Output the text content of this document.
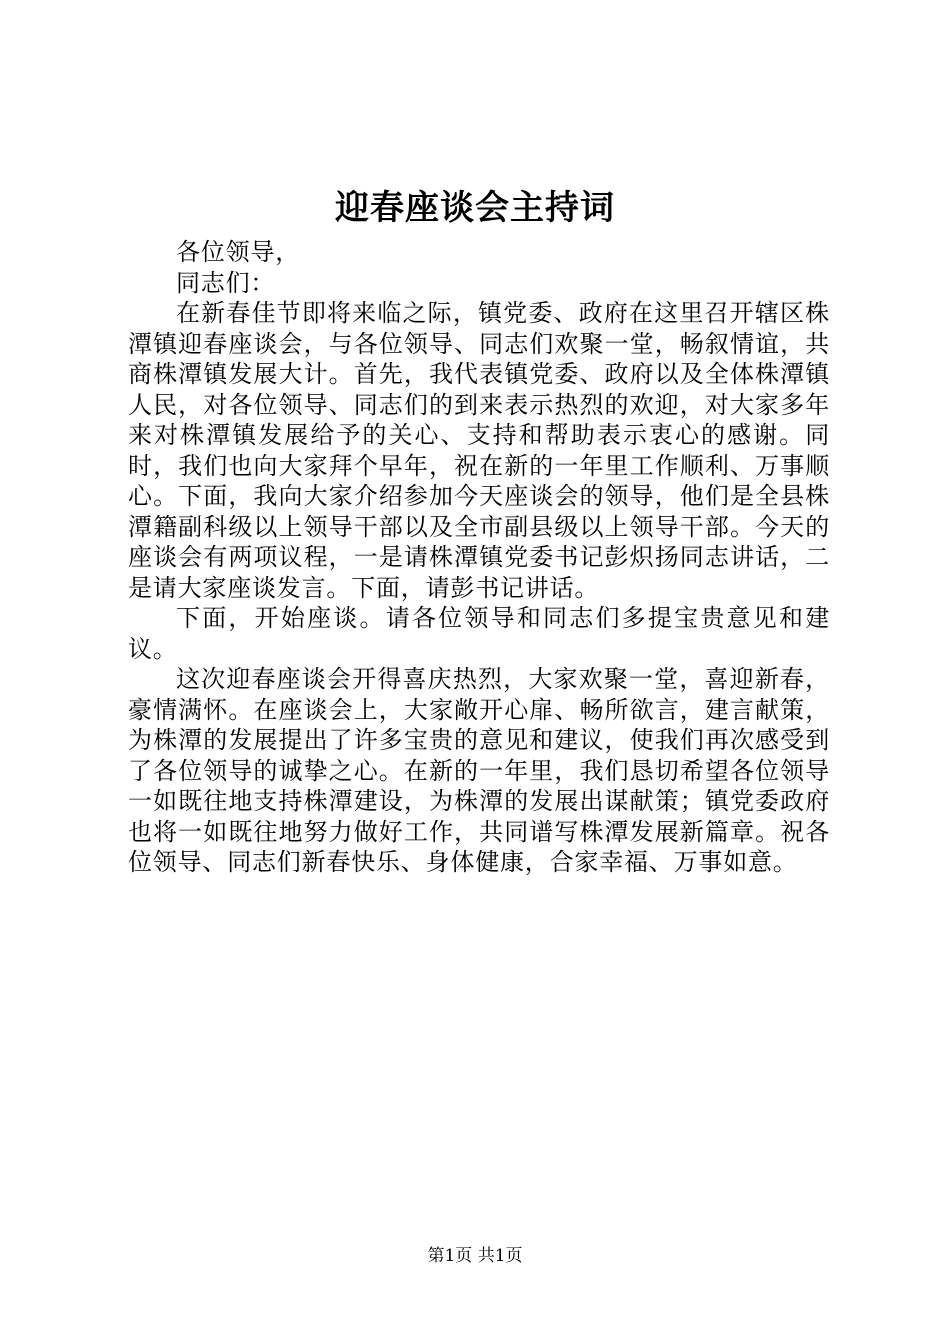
迎春座谈会主持词

各位领导，

同志们：

在新春佳节即将来临之际，镇党委、政府在这里召开辖区株潭镇迎春座谈会，与各位领导、同志们欢聚一堂，畅叙情谊，共商株潭镇发展大计。首先，我代表镇党委、政府以及全体株潭镇人民，对各位领导、同志们的到来表示热烈的欢迎，对大家多年来对株潭镇发展给予的关心、支持和帮助表示衷心的感谢。同时，我们也向大家拜个早年，祝在新的一年里工作顺利、万事顺心。下面，我向大家介绍参加今天座谈会的领导，他们是全县株潭籍副科级以上领导干部以及全市副县级以上领导干部。今天的座谈会有两项议程，一是请株潭镇党委书记彭炽扬同志讲话，二是请大家座谈发言。下面，请彭书记讲话。

下面，开始座谈。请各位领导和同志们多提宝贵意见和建议。

这次迎春座谈会开得喜庆热烈，大家欢聚一堂，喜迎新春，豪情满怀。在座谈会上，大家敞开心扉、畅所欲言，建言献策，为株潭的发展提出了许多宝贵的意见和建议，使我们再次感受到了各位领导的诚挚之心。在新的一年里，我们恳切希望各位领导一如既往地支持株潭建设，为株潭的发展出谋献策；镇党委政府也将一如既往地努力做好工作，共同谱写株潭发展新篇章。祝各位领导、同志们新春快乐、身体健康，合家幸福、万事如意。

第1页 共1页
